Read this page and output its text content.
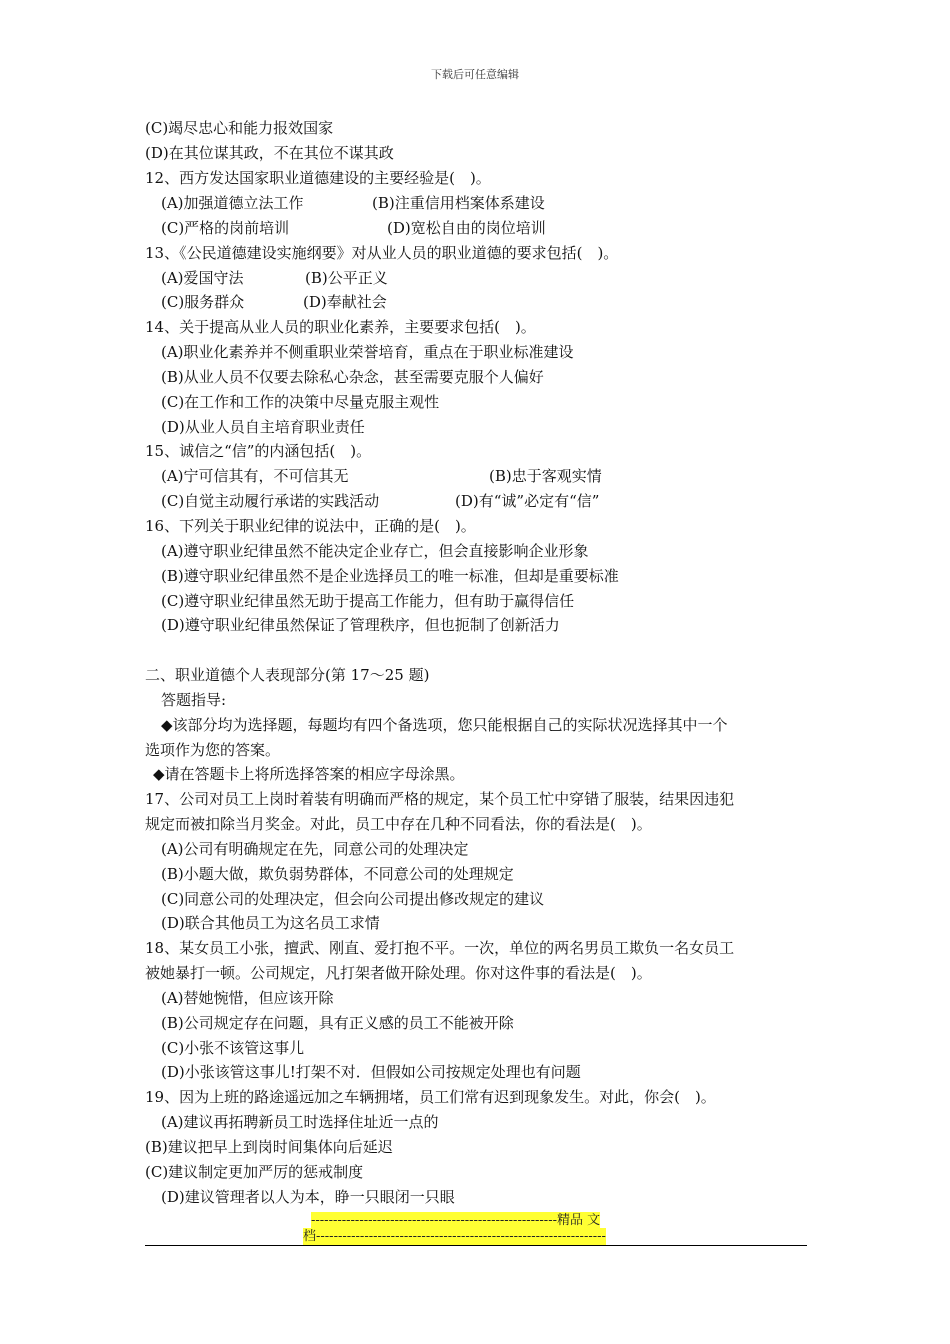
下载后可任意编辑
(C)竭尽忠心和能力报效国家
(D)在其位谋其政，不在其位不谋其政
12、西方发达国家职业道德建设的主要经验是(　)。
(A)加强道德立法工作	(B)注重信用档案体系建设
(C)严格的岗前培训	(D)宽松自由的岗位培训
13、《公民道德建设实施纲要》对从业人员的职业道德的要求包括(　)。
(A)爱国守法	(B)公平正义
(C)服务群众	(D)奉献社会
14、关于提高从业人员的职业化素养，主要要求包括(　)。
(A)职业化素养并不侧重职业荣誉培育，重点在于职业标准建设
(B)从业人员不仅要去除私心杂念，甚至需要克服个人偏好
(C)在工作和工作的决策中尽量克服主观性
(D)从业人员自主培育职业责任
15、诚信之“信”的内涵包括(　)。
(A)宁可信其有，不可信其无	(B)忠于客观实情
(C)自觉主动履行承诺的实践活动	(D)有“诚”必定有“信”
16、下列关于职业纪律的说法中，正确的是(　)。
(A)遵守职业纪律虽然不能决定企业存亡，但会直接影响企业形象
(B)遵守职业纪律虽然不是企业选择员工的唯一标准，但却是重要标准
(C)遵守职业纪律虽然无助于提高工作能力，但有助于赢得信任
(D)遵守职业纪律虽然保证了管理秩序，但也扼制了创新活力
二、职业道德个人表现部分(第 17～25 题)
答题指导:
◆该部分均为选择题，每题均有四个备选项，您只能根据自己的实际状况选择其中一个
选项作为您的答案。
◆请在答题卡上将所选择答案的相应字母涂黑。
17、公司对员工上岗时着装有明确而严格的规定，某个员工忙中穿错了服装，结果因违犯
规定而被扣除当月奖金。对此，员工中存在几种不同看法，你的看法是(　)。
(A)公司有明确规定在先，同意公司的处理决定
(B)小题大做，欺负弱势群体，不同意公司的处理规定
(C)同意公司的处理决定，但会向公司提出修改规定的建议
(D)联合其他员工为这名员工求情
18、某女员工小张，擅武、刚直、爱打抱不平。一次，单位的两名男员工欺负一名女员工
被她暴打一顿。公司规定，凡打架者做开除处理。你对这件事的看法是(　)。
(A)替她惋惜，但应该开除
(B)公司规定存在问题，具有正义感的员工不能被开除
(C)小张不该管这事儿
(D)小张该管这事儿!打架不对．但假如公司按规定处理也有问题
19、因为上班的路途遥远加之车辆拥堵，员工们常有迟到现象发生。对此，你会(　)。
(A)建议再拓聘新员工时选择住址近一点的
(B)建议把早上到岗时间集体向后延迟
(C)建议制定更加严厉的惩戒制度
(D)建议管理者以人为本，睁一只眼闭一只眼
--------------------------------------------------------精品 文
档------------------------------------------------------------------
